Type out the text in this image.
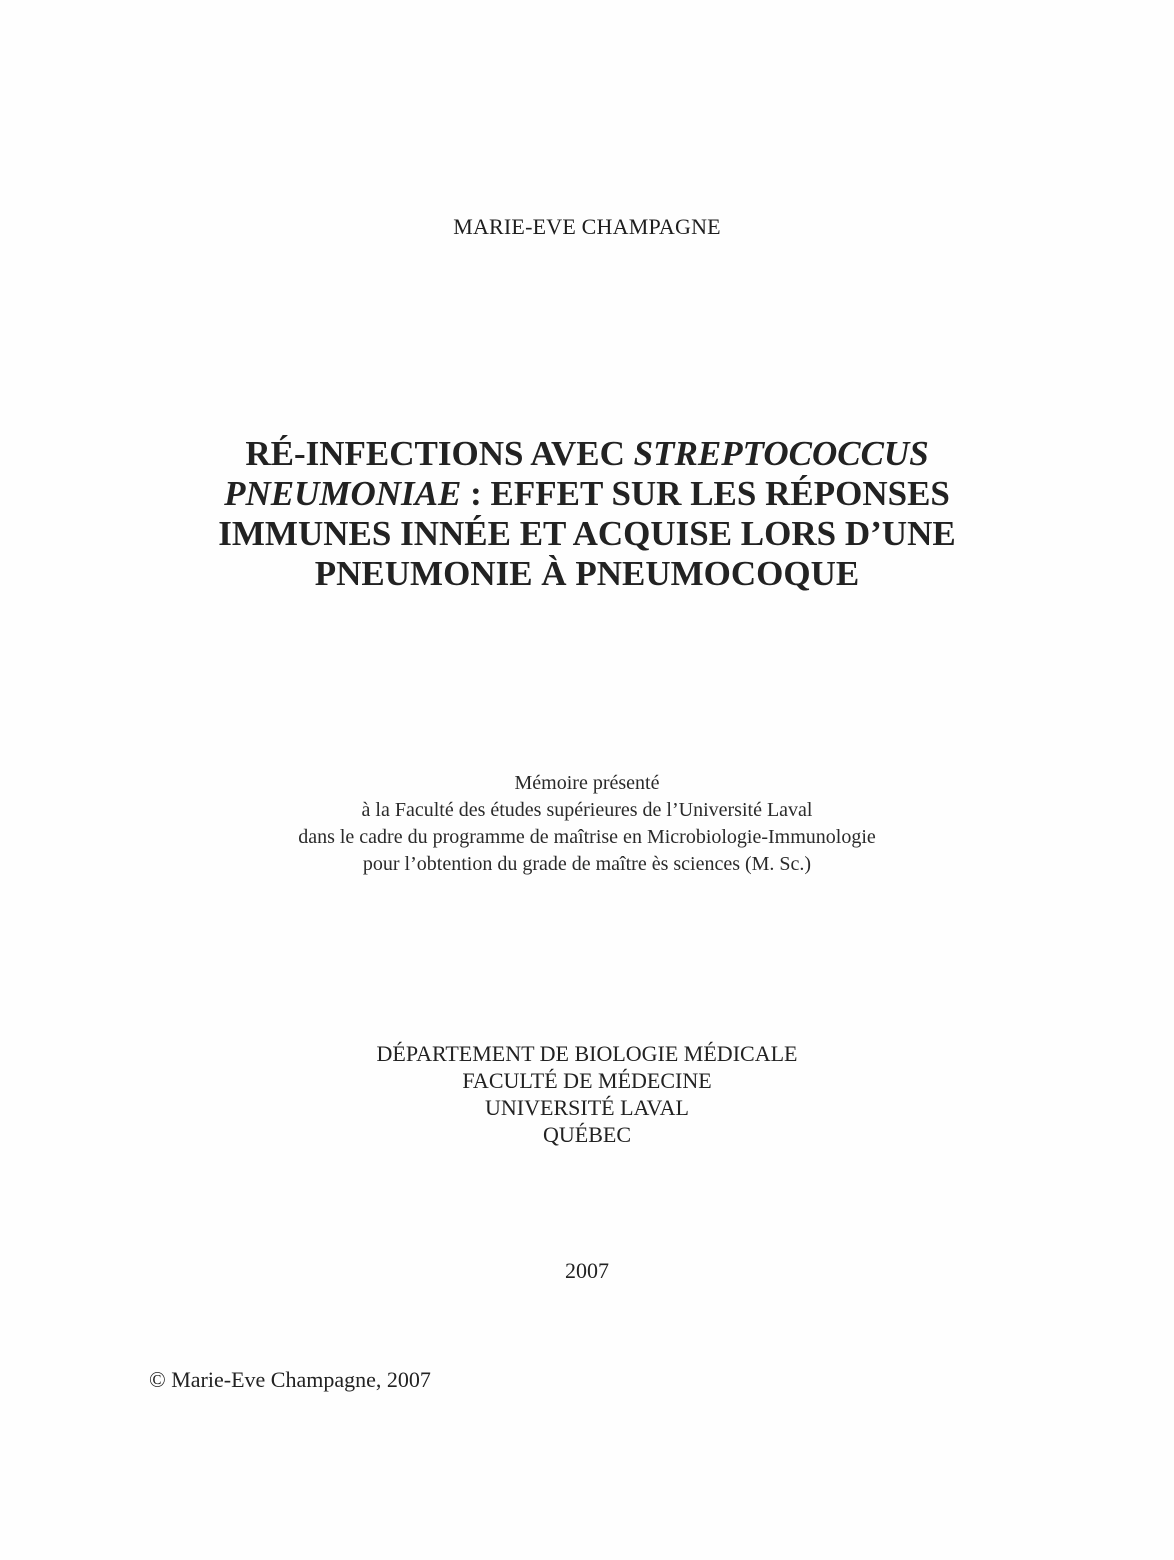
MARIE-EVE CHAMPAGNE
RÉ-INFECTIONS AVEC STREPTOCOCCUS
PNEUMONIAE : EFFET SUR LES RÉPONSES
IMMUNES INNÉE ET ACQUISE LORS D’UNE
PNEUMONIE À PNEUMOCOQUE
Mémoire présenté
à la Faculté des études supérieures de l’Université Laval
dans le cadre du programme de maîtrise en Microbiologie-Immunologie
pour l’obtention du grade de maître ès sciences (M. Sc.)
DÉPARTEMENT DE BIOLOGIE MÉDICALE
FACULTÉ DE MÉDECINE
UNIVERSITÉ LAVAL
QUÉBEC
2007
© Marie-Eve Champagne, 2007
